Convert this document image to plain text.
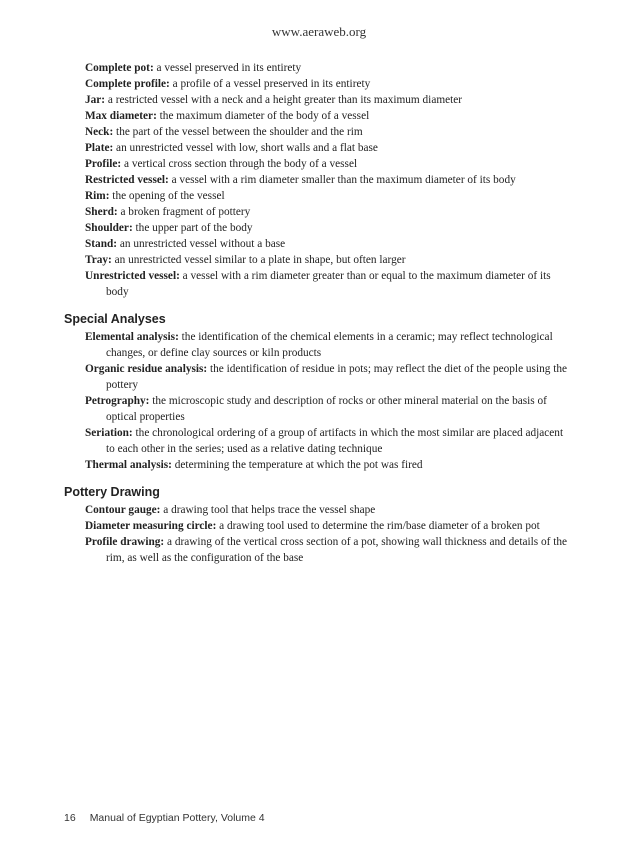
www.aeraweb.org
Complete pot: a vessel preserved in its entirety
Complete profile: a profile of a vessel preserved in its entirety
Jar: a restricted vessel with a neck and a height greater than its maximum diameter
Max diameter: the maximum diameter of the body of a vessel
Neck: the part of the vessel between the shoulder and the rim
Plate: an unrestricted vessel with low, short walls and a flat base
Profile: a vertical cross section through the body of a vessel
Restricted vessel: a vessel with a rim diameter smaller than the maximum diameter of its body
Rim: the opening of the vessel
Sherd: a broken fragment of pottery
Shoulder: the upper part of the body
Stand: an unrestricted vessel without a base
Tray: an unrestricted vessel similar to a plate in shape, but often larger
Unrestricted vessel: a vessel with a rim diameter greater than or equal to the maximum diameter of its body
Special Analyses
Elemental analysis: the identification of the chemical elements in a ceramic; may reflect technological changes, or define clay sources or kiln products
Organic residue analysis: the identification of residue in pots; may reflect the diet of the people using the pottery
Petrography: the microscopic study and description of rocks or other mineral material on the basis of optical properties
Seriation: the chronological ordering of a group of artifacts in which the most similar are placed adjacent to each other in the series; used as a relative dating technique
Thermal analysis: determining the temperature at which the pot was fired
Pottery Drawing
Contour gauge: a drawing tool that helps trace the vessel shape
Diameter measuring circle: a drawing tool used to determine the rim/base diameter of a broken pot
Profile drawing: a drawing of the vertical cross section of a pot, showing wall thickness and details of the rim, as well as the configuration of the base
16 Manual of Egyptian Pottery, Volume 4
